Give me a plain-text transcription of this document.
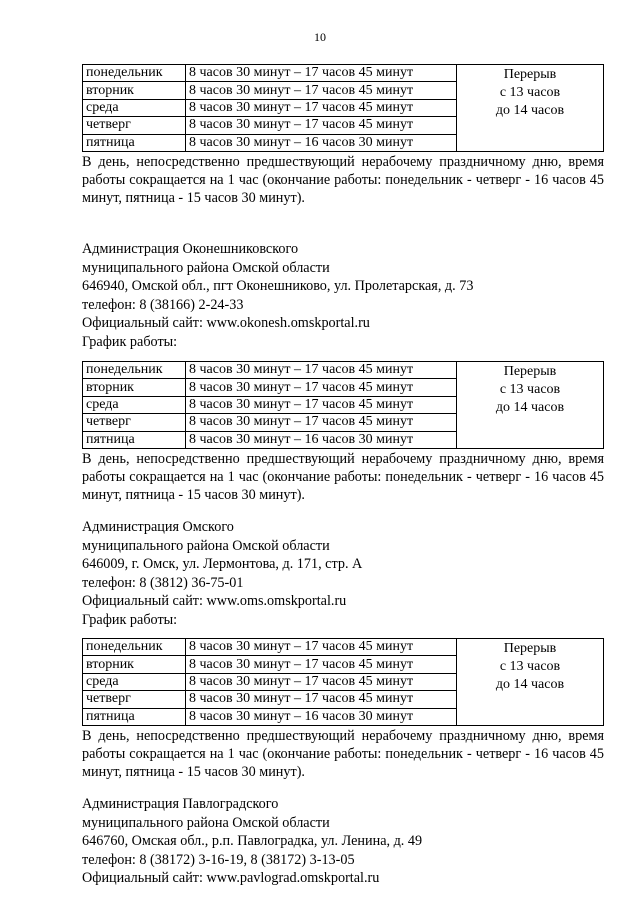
10
понедельник	8 часов 30 минут – 17 часов 45 минут	Перерыв
с 13 часов
до 14 часов
вторник	8 часов 30 минут – 17 часов 45 минут	
среда	8 часов 30 минут – 17 часов 45 минут	
четверг	8 часов 30 минут – 17 часов 45 минут	
пятница	8 часов 30 минут – 16 часов 30 минут	

В день, непосредственно предшествующий нерабочему праздничному дню, время работы сокращается на 1 час (окончание работы: понедельник - четверг - 16 часов 45 минут, пятница - 15 часов 30 минут).

Администрация Оконешниковского
муниципального района Омской области
646940, Омской обл., пгт Оконешниково, ул. Пролетарская, д. 73
телефон: 8 (38166) 2-24-33
Официальный сайт: www.okonesh.omskportal.ru
График работы:
понедельник	8 часов 30 минут – 17 часов 45 минут	Перерыв
с 13 часов
до 14 часов
вторник	8 часов 30 минут – 17 часов 45 минут	
среда	8 часов 30 минут – 17 часов 45 минут	
четверг	8 часов 30 минут – 17 часов 45 минут	
пятница	8 часов 30 минут – 16 часов 30 минут	

В день, непосредственно предшествующий нерабочему праздничному дню, время работы сокращается на 1 час (окончание работы: понедельник - четверг - 16 часов 45 минут, пятница - 15 часов 30 минут).

Администрация Омского
муниципального района Омской области
646009, г. Омск, ул. Лермонтова, д. 171, стр. А
телефон: 8 (3812) 36-75-01
Официальный сайт: www.oms.omskportal.ru
График работы:
понедельник	8 часов 30 минут – 17 часов 45 минут	Перерыв
с 13 часов
до 14 часов
вторник	8 часов 30 минут – 17 часов 45 минут	
среда	8 часов 30 минут – 17 часов 45 минут	
четверг	8 часов 30 минут – 17 часов 45 минут	
пятница	8 часов 30 минут – 16 часов 30 минут	

В день, непосредственно предшествующий нерабочему праздничному дню, время работы сокращается на 1 час (окончание работы: понедельник - четверг - 16 часов 45 минут, пятница - 15 часов 30 минут).

Администрация Павлоградского
муниципального района Омской области
646760, Омская обл., р.п. Павлоградка, ул. Ленина, д. 49
телефон: 8 (38172) 3-16-19, 8 (38172) 3-13-05
Официальный сайт: www.pavlograd.omskportal.ru
